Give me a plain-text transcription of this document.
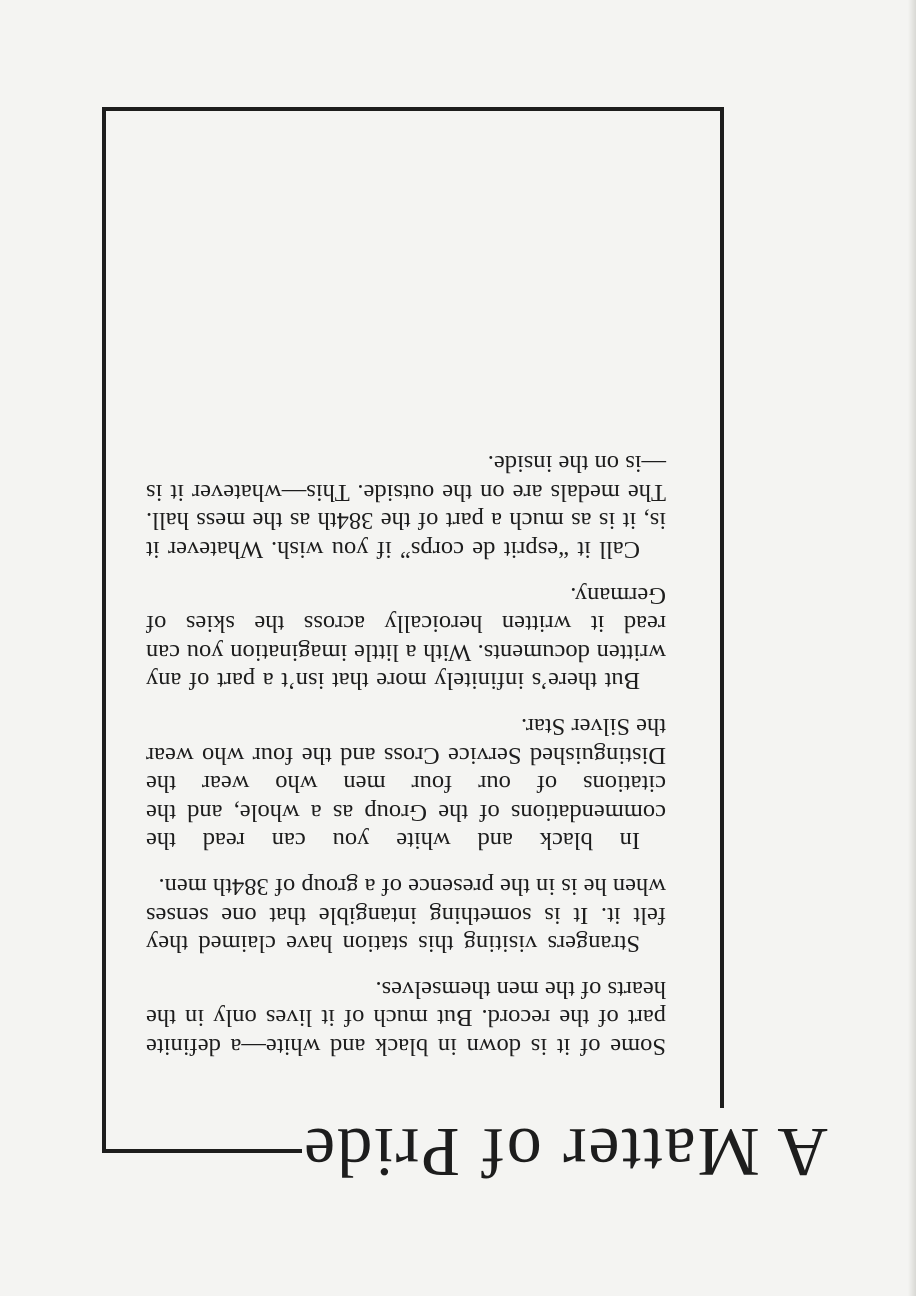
A Matter of Pride

Some of it is down in black and white—a definite part of the record. But much of it lives only in the hearts of the men themselves.

Strangers visiting this station have claimed they felt it. It is something intangible that one senses when he is in the presence of a group of 384th men.

In black and white you can read the commendations of the Group as a whole, and the citations of our four men who wear the Distinguished Service Cross and the four who wear the Silver Star.

But there’s infinitely more that isn’t a part of any written documents. With a little imagination you can read it written heroically across the skies of Germany.

Call it “esprit de corps” if you wish. Whatever it is, it is as much a part of the 384th as the mess hall. The medals are on the outside. This—whatever it is—is on the inside.
